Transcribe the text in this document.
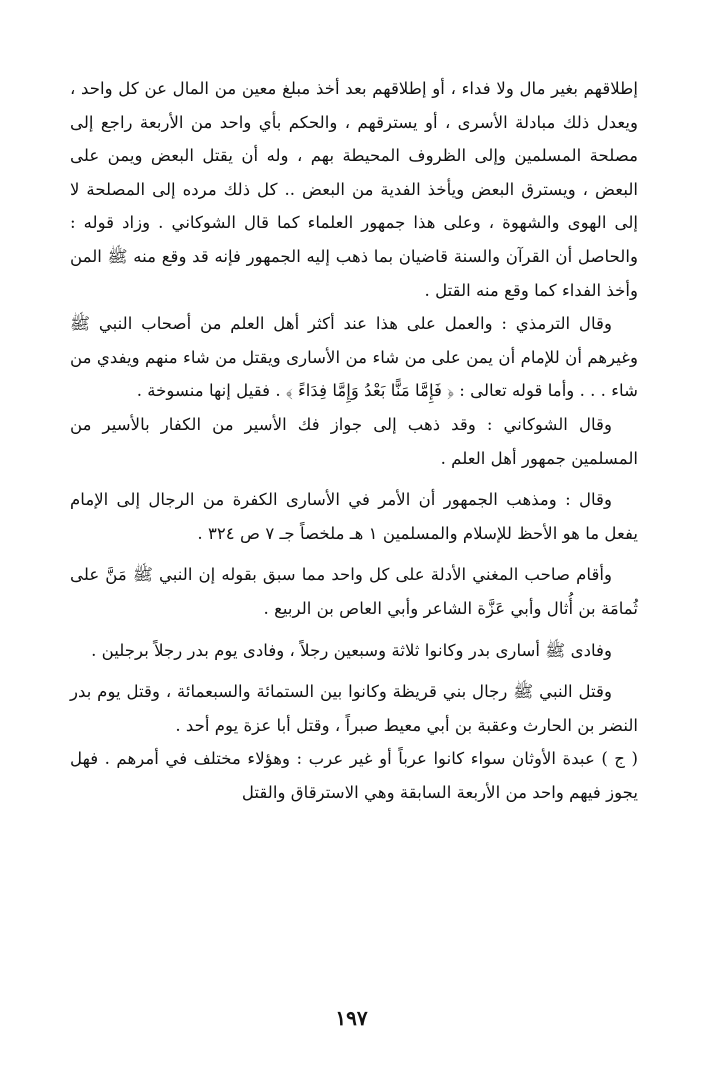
إطلاقهم بغير مال ولا فداء ، أو إطلاقهم بعد أخذ مبلغ معين من المال عن كل واحد ، ويعدل ذلك مبادلة الأسرى ، أو يسترقهم ، والحكم بأي واحد من الأربعة راجع إلى مصلحة المسلمين وإلى الظروف المحيطة بهم ، وله أن يقتل البعض ويمن على البعض ، ويسترق البعض ويأخذ الفدية من البعض .. كل ذلك مرده إلى المصلحة لا إلى الهوى والشهوة ، وعلى هذا جمهور العلماء كما قال الشوكاني . وزاد قوله : والحاصل أن القرآن والسنة قاضيان بما ذهب إليه الجمهور فإنه قد وقع منه ﷺ المن وأخذ الفداء كما وقع منه القتل .

وقال الترمذي : والعمل على هذا عند أكثر أهل العلم من أصحاب النبي ﷺ وغيرهم أن للإمام أن يمن على من شاء من الأسارى ويقتل من شاء منهم ويفدي من شاء . . . وأما قوله تعالى : ﴿ فَإِمَّا مَنًّا بَعْدُ وَإِمَّا فِدَاءً ﴾ . فقيل إنها منسوخة .

وقال الشوكاني : وقد ذهب إلى جواز فك الأسير من الكفار بالأسير من المسلمين جمهور أهل العلم .

وقال : ومذهب الجمهور أن الأمر في الأسارى الكفرة من الرجال إلى الإمام يفعل ما هو الأحظ للإسلام والمسلمين ١ هـ ملخصاً جـ ٧ ص ٣٢٤ .

وأقام صاحب المغني الأدلة على كل واحد مما سبق بقوله إن النبي ﷺ مَنَّ على ثُمامَة بن أُثال وأبي عَزَّة الشاعر وأبي العاص بن الربيع .

وفادى ﷺ أسارى بدر وكانوا ثلاثة وسبعين رجلاً ، وفادى يوم بدر رجلاً برجلين .

وقتل النبي ﷺ رجال بني قريظة وكانوا بين الستمائة والسبعمائة ، وقتل يوم بدر النضر بن الحارث وعقبة بن أبي معيط صبراً ، وقتل أبا عزة يوم أحد .

( ج ) عبدة الأوثان سواء كانوا عرباً أو غير عرب : وهؤلاء مختلف في أمرهم . فهل يجوز فيهم واحد من الأربعة السابقة وهي الاسترقاق والقتل

١٩٧
